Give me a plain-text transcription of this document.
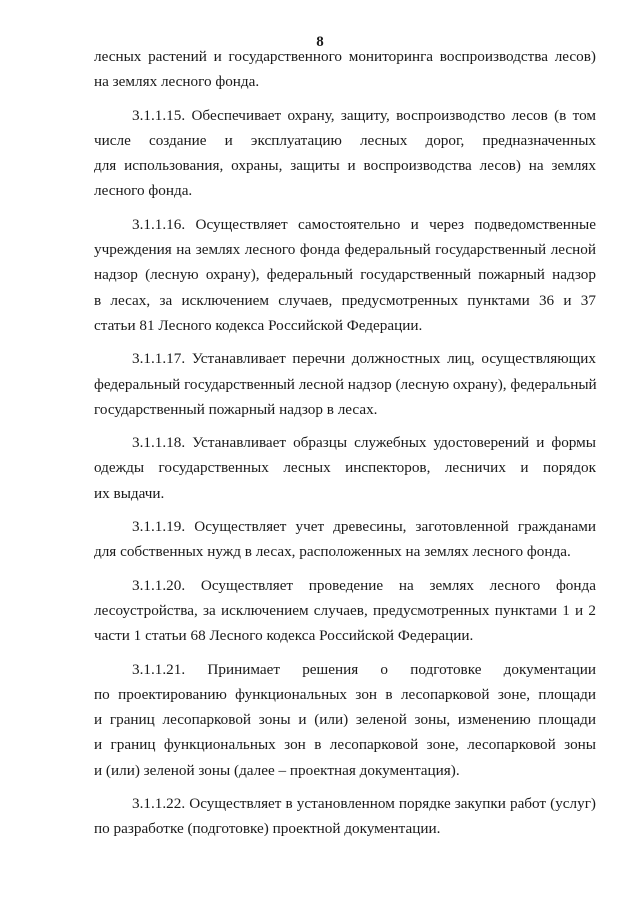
8
лесных растений и государственного мониторинга воспроизводства лесов)
на землях лесного фонда.
3.1.1.15. Обеспечивает охрану, защиту, воспроизводство лесов (в том
числе создание и эксплуатацию лесных дорог, предназначенных
для использования, охраны, защиты и воспроизводства лесов) на землях
лесного фонда.
3.1.1.16. Осуществляет самостоятельно и через подведомственные
учреждения на землях лесного фонда федеральный государственный лесной
надзор (лесную охрану), федеральный государственный пожарный надзор
в лесах, за исключением случаев, предусмотренных пунктами 36 и 37
статьи 81 Лесного кодекса Российской Федерации.
3.1.1.17. Устанавливает перечни должностных лиц, осуществляющих
федеральный государственный лесной надзор (лесную охрану), федеральный
государственный пожарный надзор в лесах.
3.1.1.18. Устанавливает образцы служебных удостоверений и формы
одежды государственных лесных инспекторов, лесничих и порядок
их выдачи.
3.1.1.19. Осуществляет учет древесины, заготовленной гражданами
для собственных нужд в лесах, расположенных на землях лесного фонда.
3.1.1.20. Осуществляет проведение на землях лесного фонда
лесоустройства, за исключением случаев, предусмотренных пунктами 1 и 2
части 1 статьи 68 Лесного кодекса Российской Федерации.
3.1.1.21. Принимает решения о подготовке документации
по проектированию функциональных зон в лесопарковой зоне, площади
и границ лесопарковой зоны и (или) зеленой зоны, изменению площади
и границ функциональных зон в лесопарковой зоне, лесопарковой зоны
и (или) зеленой зоны (далее – проектная документация).
3.1.1.22. Осуществляет в установленном порядке закупки работ (услуг)
по разработке (подготовке) проектной документации.
